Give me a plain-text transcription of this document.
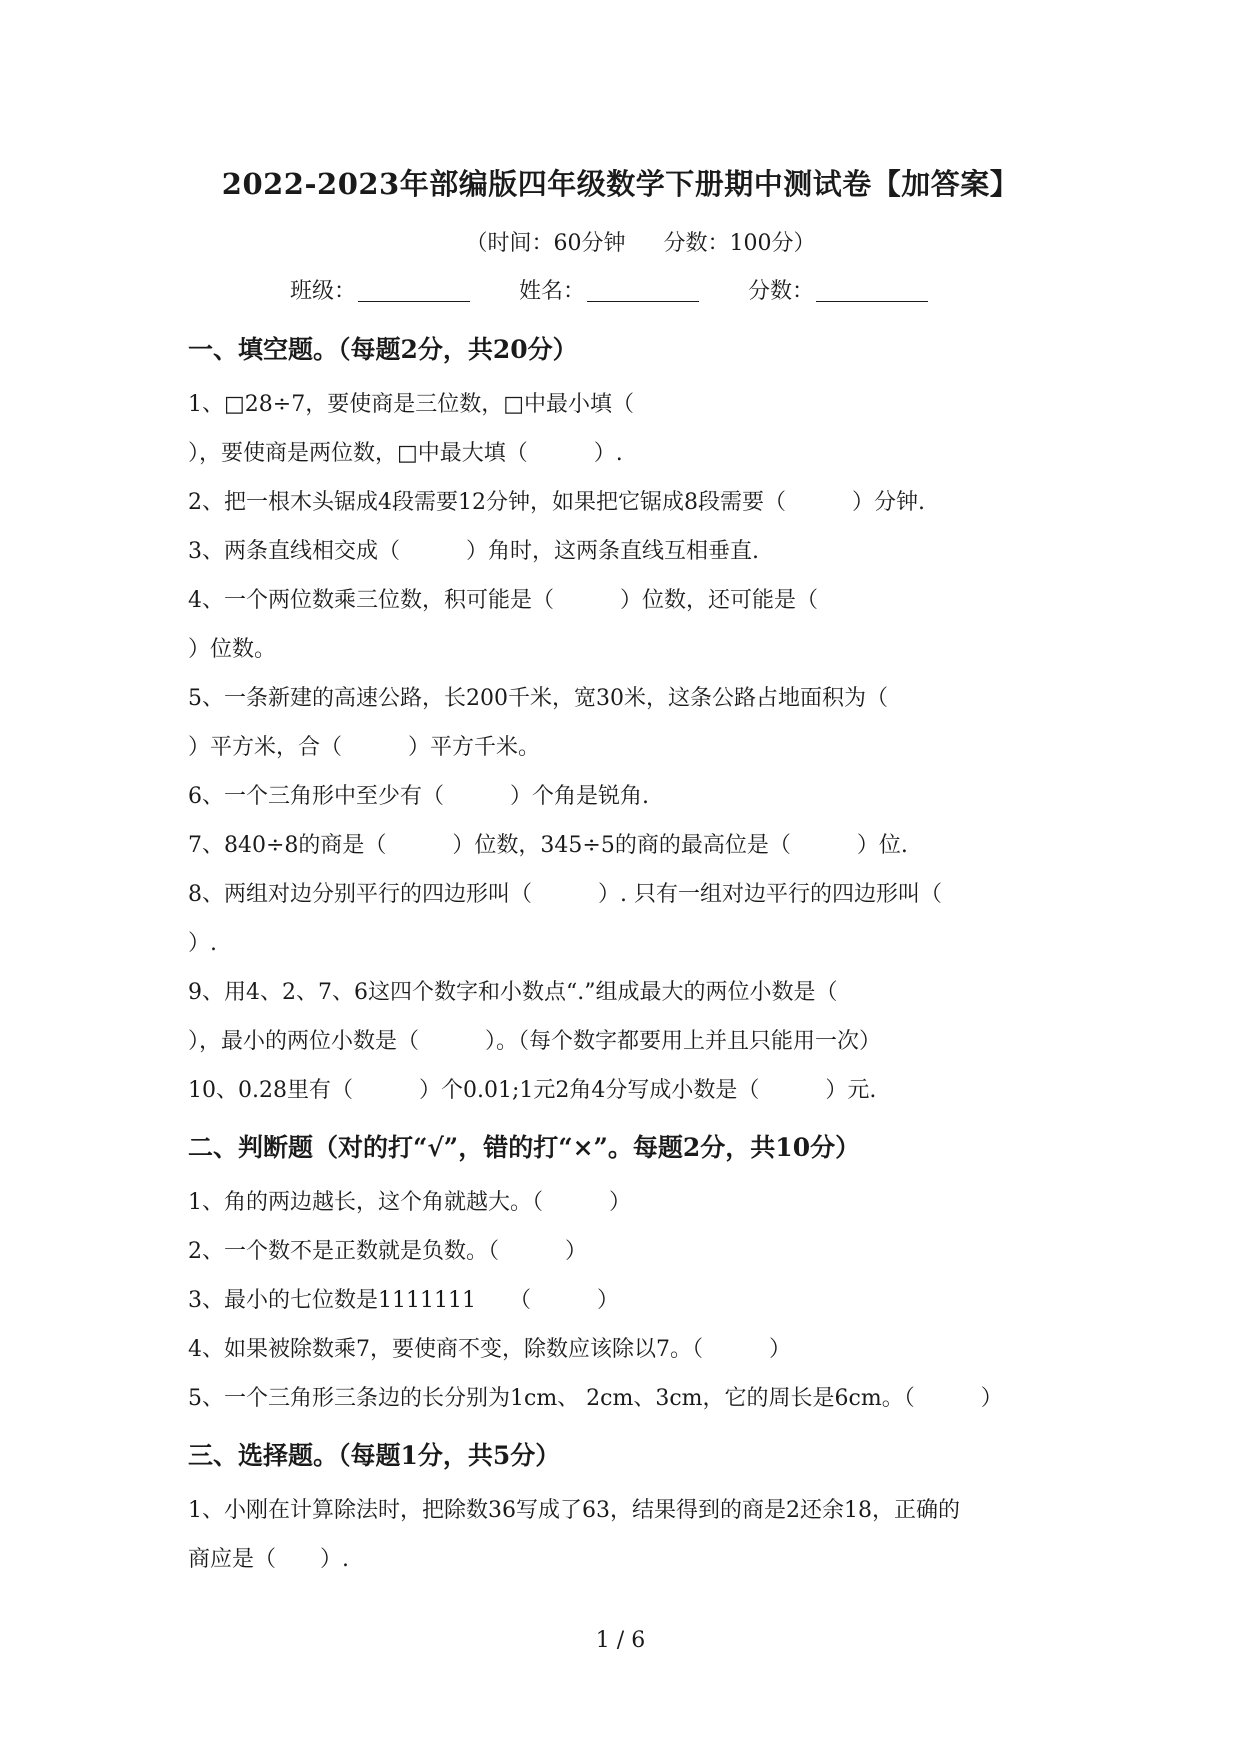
2022-2023年部编版四年级数学下册期中测试卷【加答案】
（时间：60分钟 分数：100分）
班级：	姓名：	分数：
一、填空题。（每题2分，共20分）
1、□28÷7，要使商是三位数，□中最小填（
），要使商是两位数，□中最大填（　　　）.
2、把一根木头锯成4段需要12分钟，如果把它锯成8段需要（　　　）分钟.
3、两条直线相交成（　　　）角时，这两条直线互相垂直.
4、一个两位数乘三位数，积可能是（　　　）位数，还可能是（
）位数。
5、一条新建的高速公路，长200千米，宽30米，这条公路占地面积为（
）平方米，合（　　　）平方千米。
6、一个三角形中至少有（　　　）个角是锐角.
7、840÷8的商是（　　　）位数，345÷5的商的最高位是（　　　）位.
8、两组对边分别平行的四边形叫（　　　）. 只有一组对边平行的四边形叫（
）.
9、用4、2、7、6这四个数字和小数点“.”组成最大的两位小数是（
），最小的两位小数是（　　　）。（每个数字都要用上并且只能用一次）
10、0.28里有（　　　）个0.01;1元2角4分写成小数是（　　　）元.
二、判断题（对的打“√”，错的打“×”。每题2分，共10分）
1、角的两边越长，这个角就越大。（　　　）
2、一个数不是正数就是负数。（　　　）
3、最小的七位数是1111111　　（　　　）
4、如果被除数乘7，要使商不变，除数应该除以7。（　　　）
5、一个三角形三条边的长分别为1cm、 2cm、3cm，它的周长是6cm。（　　　）
三、选择题。（每题1分，共5分）
1、小刚在计算除法时，把除数36写成了63，结果得到的商是2还余18，正确的
商应是（　　）.
1 / 6
